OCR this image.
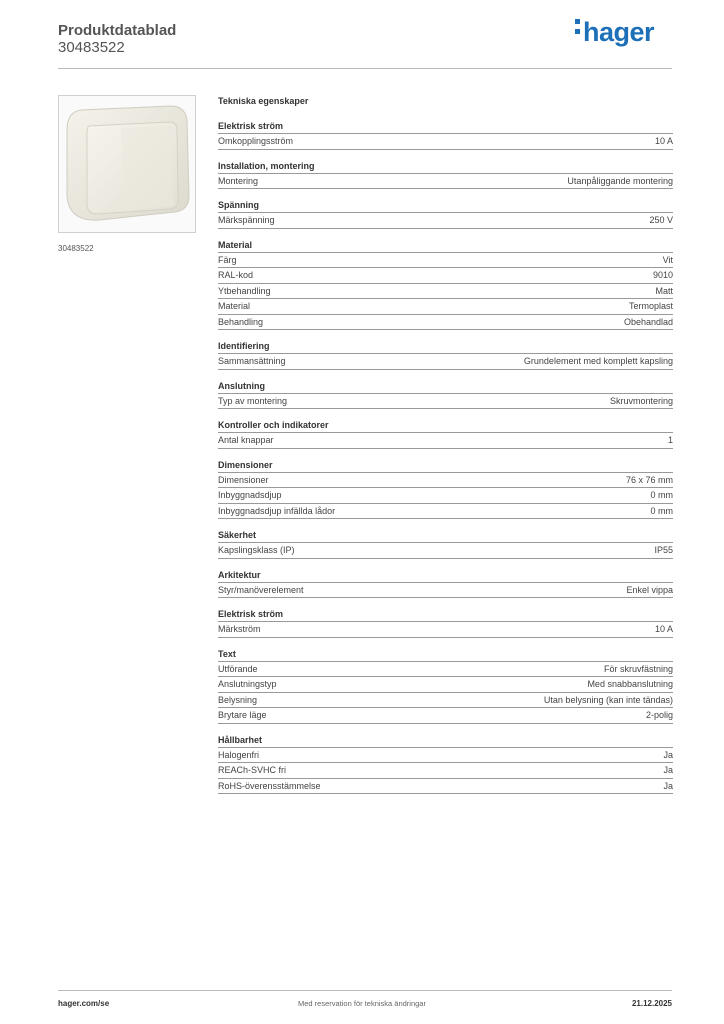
Produktdatablad
30483522
hager
30483522
Tekniska egenskaper
Elektrisk ström
Omkopplingsström	10 A
Installation, montering
Montering	Utanpåliggande montering
Spänning
Märkspänning	250 V
Material
Färg	Vit
RAL-kod	9010
Ytbehandling	Matt
Material	Termoplast
Behandling	Obehandlad
Identifiering
Sammansättning	Grundelement med komplett kapsling
Anslutning
Typ av montering	Skruvmontering
Kontroller och indikatorer
Antal knappar	1
Dimensioner
Dimensioner	76 x 76 mm
Inbyggnadsdjup	0 mm
Inbyggnadsdjup infällda lådor	0 mm
Säkerhet
Kapslingsklass (IP)	IP55
Arkitektur
Styr/manöverelement	Enkel vippa
Elektrisk ström
Märkström	10 A
Text
Utförande	För skruvfästning
Anslutningstyp	Med snabbanslutning
Belysning	Utan belysning (kan inte tändas)
Brytare läge	2-polig
Hållbarhet
Halogenfri	Ja
REACh-SVHC fri	Ja
RoHS-överensstämmelse	Ja
hager.com/se	Med reservation för tekniska ändringar	21.12.2025
